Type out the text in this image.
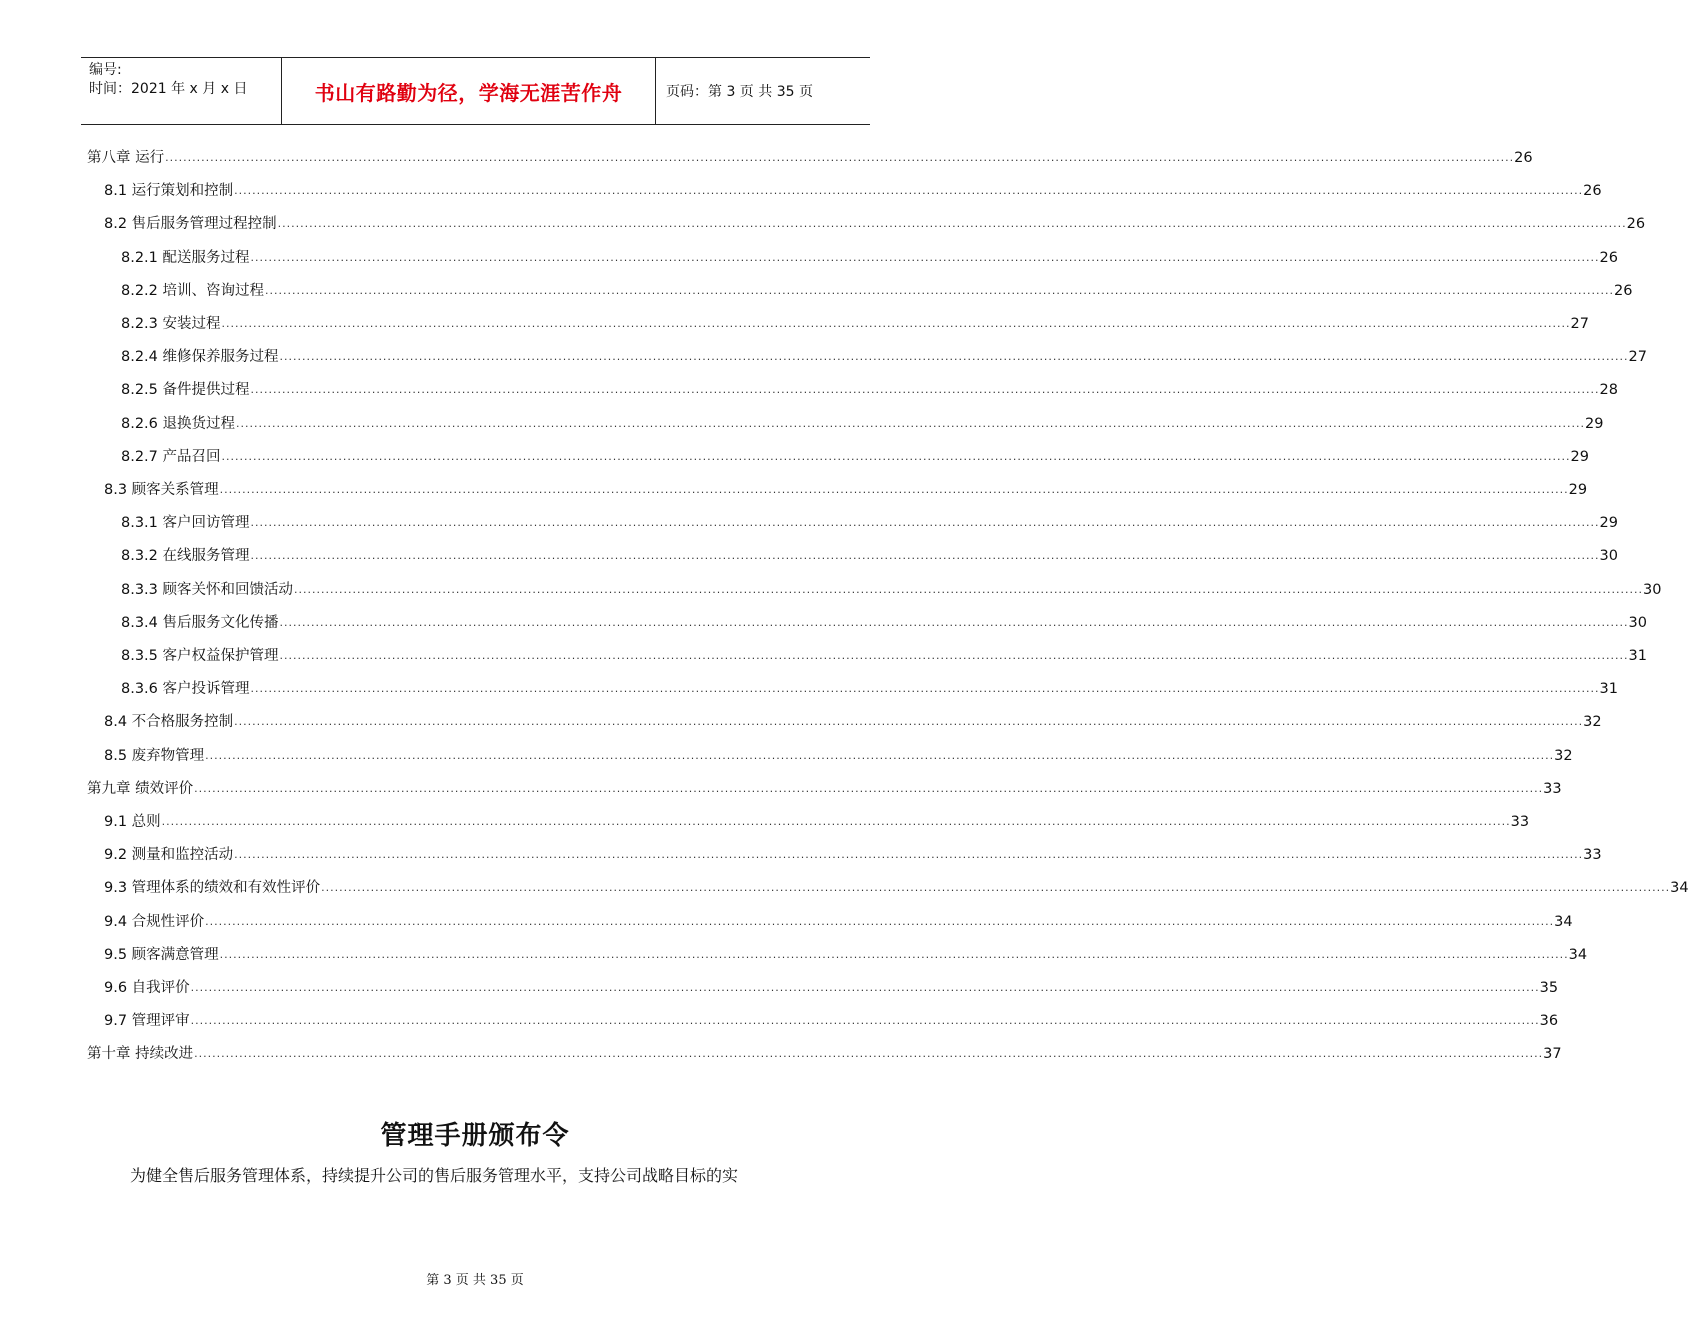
编号:
时间：2021 年 x 月 x 日	书山有路勤为径，学海无涯苦作舟	页码：第 3 页 共 35 页
第八章 运行 ............................................................................................................................................................................................................................................................................................................ 26
8.1 运行策划和控制 ............................................................................................................................................................................................................................................................................................................ 26
8.2 售后服务管理过程控制 ............................................................................................................................................................................................................................................................................................................ 26
8.2.1 配送服务过程 ............................................................................................................................................................................................................................................................................................................ 26
8.2.2 培训、咨询过程 ............................................................................................................................................................................................................................................................................................................ 26
8.2.3 安装过程 ............................................................................................................................................................................................................................................................................................................ 27
8.2.4 维修保养服务过程 ............................................................................................................................................................................................................................................................................................................ 27
8.2.5 备件提供过程 ............................................................................................................................................................................................................................................................................................................ 28
8.2.6 退换货过程 ............................................................................................................................................................................................................................................................................................................ 29
8.2.7 产品召回 ............................................................................................................................................................................................................................................................................................................ 29
8.3 顾客关系管理 ............................................................................................................................................................................................................................................................................................................ 29
8.3.1 客户回访管理 ............................................................................................................................................................................................................................................................................................................ 29
8.3.2 在线服务管理 ............................................................................................................................................................................................................................................................................................................ 30
8.3.3 顾客关怀和回馈活动 ............................................................................................................................................................................................................................................................................................................ 30
8.3.4 售后服务文化传播 ............................................................................................................................................................................................................................................................................................................ 30
8.3.5 客户权益保护管理 ............................................................................................................................................................................................................................................................................................................ 31
8.3.6 客户投诉管理 ............................................................................................................................................................................................................................................................................................................ 31
8.4 不合格服务控制 ............................................................................................................................................................................................................................................................................................................ 32
8.5 废弃物管理 ............................................................................................................................................................................................................................................................................................................ 32
第九章 绩效评价 ............................................................................................................................................................................................................................................................................................................ 33
9.1 总则 ............................................................................................................................................................................................................................................................................................................ 33
9.2 测量和监控活动 ............................................................................................................................................................................................................................................................................................................ 33
9.3 管理体系的绩效和有效性评价 ............................................................................................................................................................................................................................................................................................................ 34
9.4 合规性评价 ............................................................................................................................................................................................................................................................................................................ 34
9.5 顾客满意管理 ............................................................................................................................................................................................................................................................................................................ 34
9.6 自我评价 ............................................................................................................................................................................................................................................................................................................ 35
9.7 管理评审 ............................................................................................................................................................................................................................................................................................................ 36
第十章 持续改进 ............................................................................................................................................................................................................................................................................................................ 37
管理手册颁布令
为健全售后服务管理体系，持续提升公司的售后服务管理水平，支持公司战略目标的实
第 3 页 共 35 页
